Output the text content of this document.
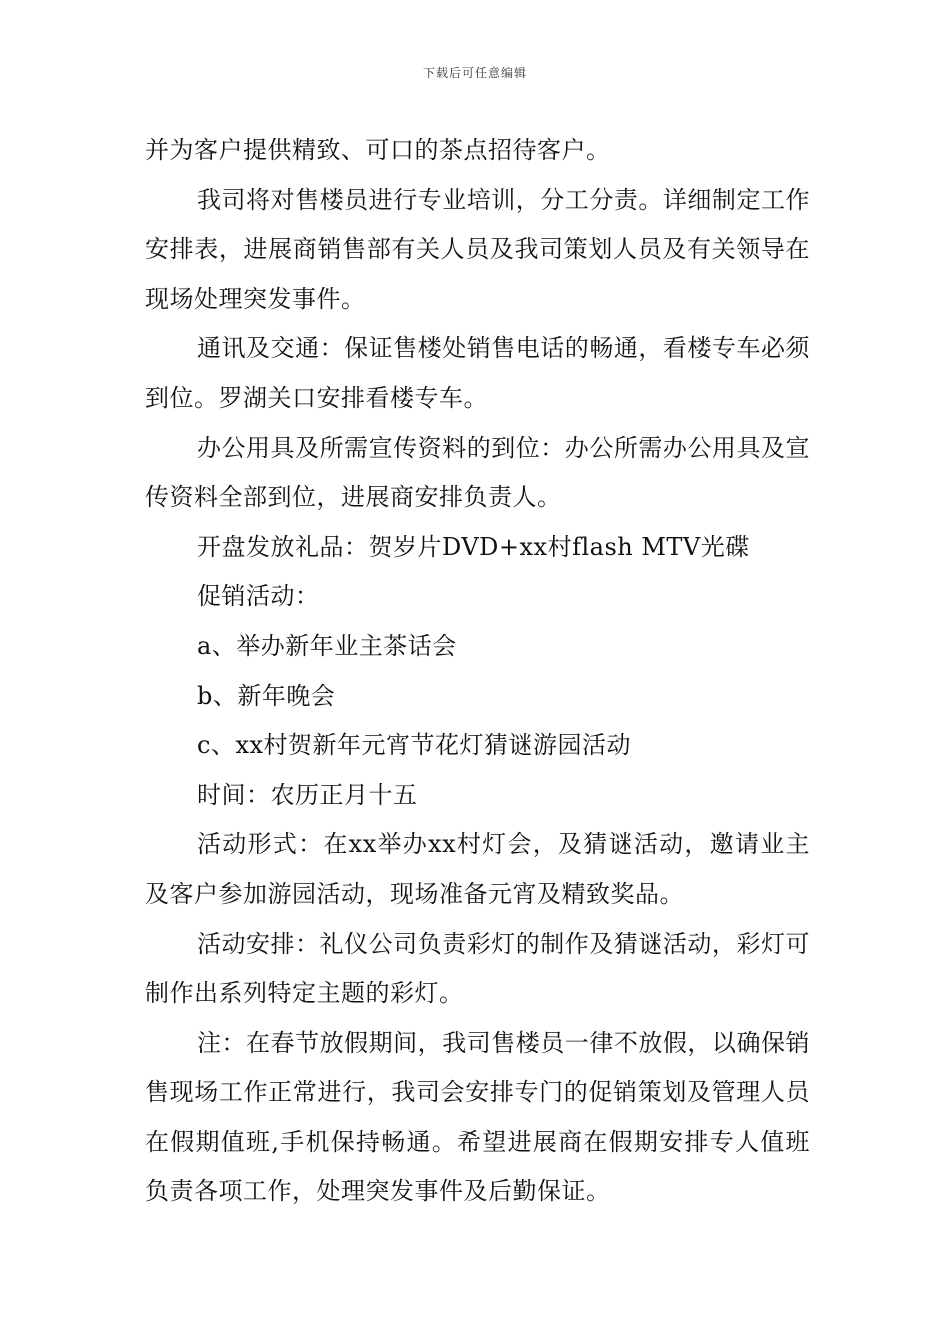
下载后可任意编辑

并为客户提供精致、可口的茶点招待客户。

我司将对售楼员进行专业培训，分工分责。详细制定工作安排表，进展商销售部有关人员及我司策划人员及有关领导在现场处理突发事件。

通讯及交通：保证售楼处销售电话的畅通，看楼专车必须到位。罗湖关口安排看楼专车。

办公用具及所需宣传资料的到位：办公所需办公用具及宣传资料全部到位，进展商安排负责人。

开盘发放礼品：贺岁片DVD+xx村flash MTV光碟

促销活动：

a、举办新年业主茶话会

b、新年晚会

c、xx村贺新年元宵节花灯猜谜游园活动

时间：农历正月十五

活动形式：在xx举办xx村灯会，及猜谜活动，邀请业主及客户参加游园活动，现场准备元宵及精致奖品。

活动安排：礼仪公司负责彩灯的制作及猜谜活动，彩灯可制作出系列特定主题的彩灯。

注：在春节放假期间，我司售楼员一律不放假，以确保销售现场工作正常进行，我司会安排专门的促销策划及管理人员在假期值班,手机保持畅通。希望进展商在假期安排专人值班负责各项工作，处理突发事件及后勤保证。
